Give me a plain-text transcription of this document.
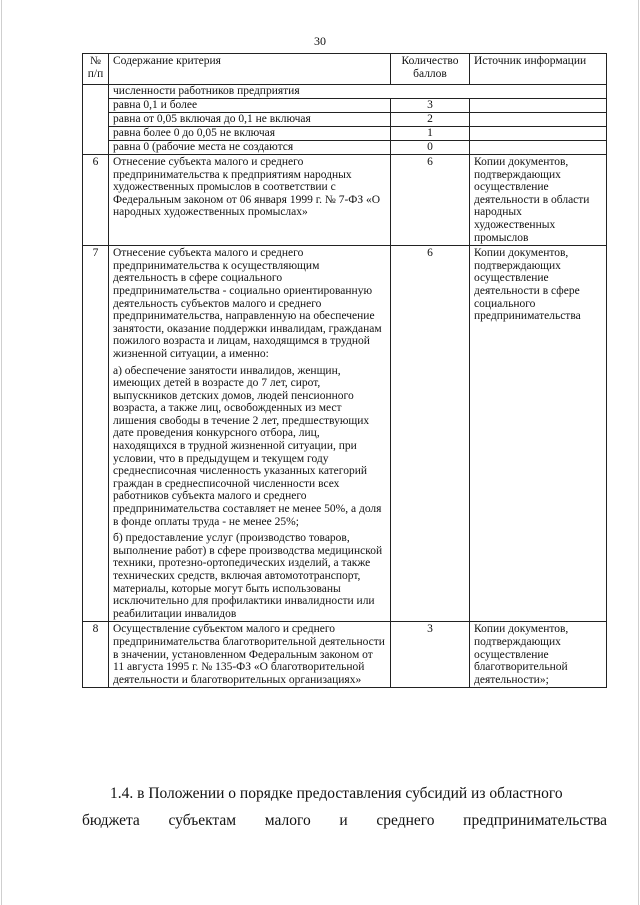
30
№ п/п	Содержание критерия	Количество баллов	Источник информации
	численности работников предприятия		
	равна 0,1 и более	3	
	равна от 0,05 включая до 0,1 не включая	2	
	равна более 0 до 0,05 не включая	1	
	равна 0 (рабочие места не создаются	0	
6	Отнесение субъекта малого и среднего предпринимательства к предприятиям народных художественных промыслов в соответствии с Федеральным законом от 06 января 1999 г. № 7-ФЗ «О народных художественных промыслах»	6	Копии документов, подтверждающих осуществление деятельности в области народных художественных промыслов
7	Отнесение субъекта малого и среднего предпринимательства к осуществляющим деятельность в сфере социального предпринимательства - социально ориентированную деятельность субъектов малого и среднего предпринимательства, направленную на обеспечение занятости, оказание поддержки инвалидам, гражданам пожилого возраста и лицам, находящимся в трудной жизненной ситуации, а именно:
а) обеспечение занятости инвалидов, женщин, имеющих детей в возрасте до 7 лет, сирот, выпускников детских домов, людей пенсионного возраста, а также лиц, освобожденных из мест лишения свободы в течение 2 лет, предшествующих дате проведения конкурсного отбора, лиц, находящихся в трудной жизненной ситуации, при условии, что в предыдущем и текущем году среднесписочная численность указанных категорий граждан в среднесписочной численности всех работников субъекта малого и среднего предпринимательства составляет не менее 50%, а доля в фонде оплаты труда - не менее 25%;
б) предоставление услуг (производство товаров, выполнение работ) в сфере производства медицинской техники, протезно-ортопедических изделий, а также технических средств, включая автомототранспорт, материалы, которые могут быть использованы исключительно для профилактики инвалидности или реабилитации инвалидов	6	Копии документов, подтверждающих осуществление деятельности в сфере социального предпринимательства
8	Осуществление субъектом малого и среднего предпринимательства благотворительной деятельности в значении, установленном Федеральным законом от 11 августа 1995 г. № 135-ФЗ «О благотворительной деятельности и благотворительных организациях»	3	Копии документов, подтверждающих осуществление благотворительной деятельности»;
1.4. в Положении о порядке предоставления субсидий из областного
бюджета субъектам малого и среднего предпринимательства
